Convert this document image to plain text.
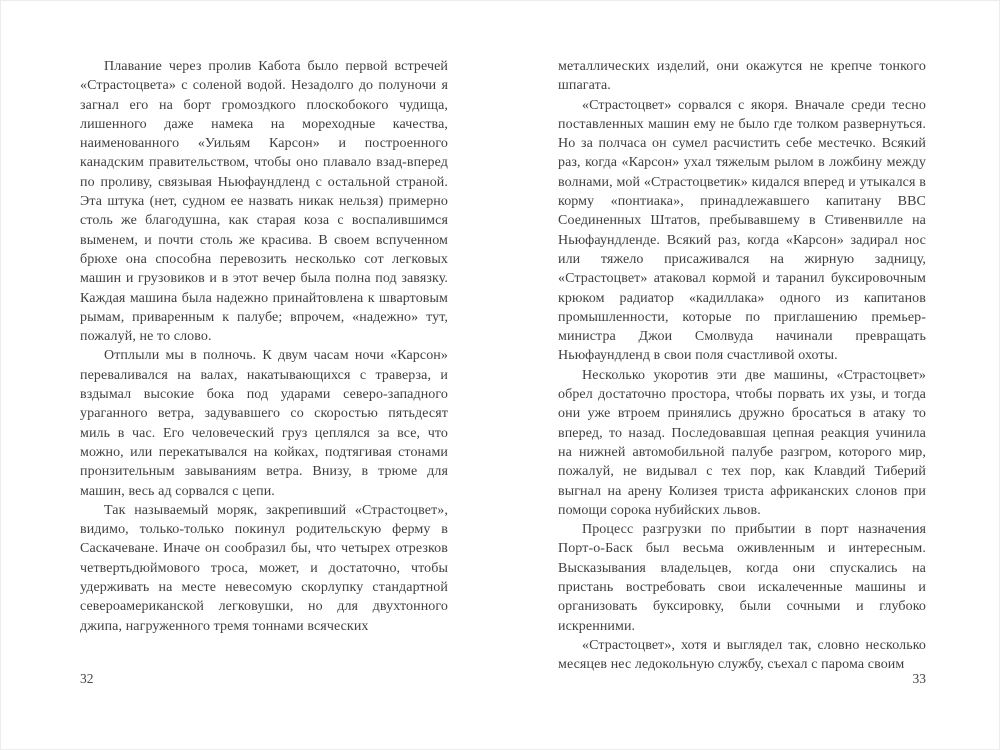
Плавание через пролив Кабота было первой встречей «Страстоцвета» с соленой водой. Незадолго до полуночи я загнал его на борт громоздкого плоскобокого чудища, лишенного даже намека на мореходные качества, наименованного «Уильям Карсон» и построенного канадским правительством, чтобы оно плавало взад-вперед по проливу, связывая Ньюфаундленд с остальной страной. Эта штука (нет, судном ее назвать никак нельзя) примерно столь же благодушна, как старая коза с воспалившимся выменем, и почти столь же красива. В своем вспученном брюхе она способна перевозить несколько сот легковых машин и грузовиков и в этот вечер была полна под завязку. Каждая машина была надежно принайтовлена к швартовым рымам, приваренным к палубе; впрочем, «надежно» тут, пожалуй, не то слово.

Отплыли мы в полночь. К двум часам ночи «Карсон» переваливался на валах, накатывающихся с траверза, и вздымал высокие бока под ударами северо-западного ураганного ветра, задувавшего со скоростью пятьдесят миль в час. Его человеческий груз цеплялся за все, что можно, или перекатывался на койках, подтягивая стонами пронзительным завываниям ветра. Внизу, в трюме для машин, весь ад сорвался с цепи.

Так называемый моряк, закрепивший «Страстоцвет», видимо, только-только покинул родительскую ферму в Саскачеване. Иначе он сообразил бы, что четырех отрезков четвертьдюймового троса, может, и достаточно, чтобы удерживать на месте невесомую скорлупку стандартной североамериканской легковушки, но для двухтонного джипа, нагруженного тремя тоннами всяческих

металлических изделий, они окажутся не крепче тонкого шпагата.

«Страстоцвет» сорвался с якоря. Вначале среди тесно поставленных машин ему не было где толком развернуться. Но за полчаса он сумел расчистить себе местечко. Всякий раз, когда «Карсон» ухал тяжелым рылом в ложбину между волнами, мой «Страстоцветик» кидался вперед и утыкался в корму «понтиака», принадлежавшего капитану ВВС Соединенных Штатов, пребывавшему в Стивенвилле на Ньюфаундленде. Всякий раз, когда «Карсон» задирал нос или тяжело присаживался на жирную задницу, «Страстоцвет» атаковал кормой и таранил буксировочным крюком радиатор «кадиллака» одного из капитанов промышленности, которые по приглашению премьер-министра Джои Смолвуда начинали превращать Ньюфаундленд в свои поля счастливой охоты.

Несколько укоротив эти две машины, «Страстоцвет» обрел достаточно простора, чтобы порвать их узы, и тогда они уже втроем принялись дружно бросаться в атаку то вперед, то назад. Последовавшая цепная реакция учинила на нижней автомобильной палубе разгром, которого мир, пожалуй, не видывал с тех пор, как Клавдий Тиберий выгнал на арену Колизея триста африканских слонов при помощи сорока нубийских львов.

Процесс разгрузки по прибытии в порт назначения Порт-о-Баск был весьма оживленным и интересным. Высказывания владельцев, когда они спускались на пристань востребовать свои искалеченные машины и организовать буксировку, были сочными и глубоко искренними.

«Страстоцвет», хотя и выглядел так, словно несколько месяцев нес ледокольную службу, съехал с парома своим

32	33
